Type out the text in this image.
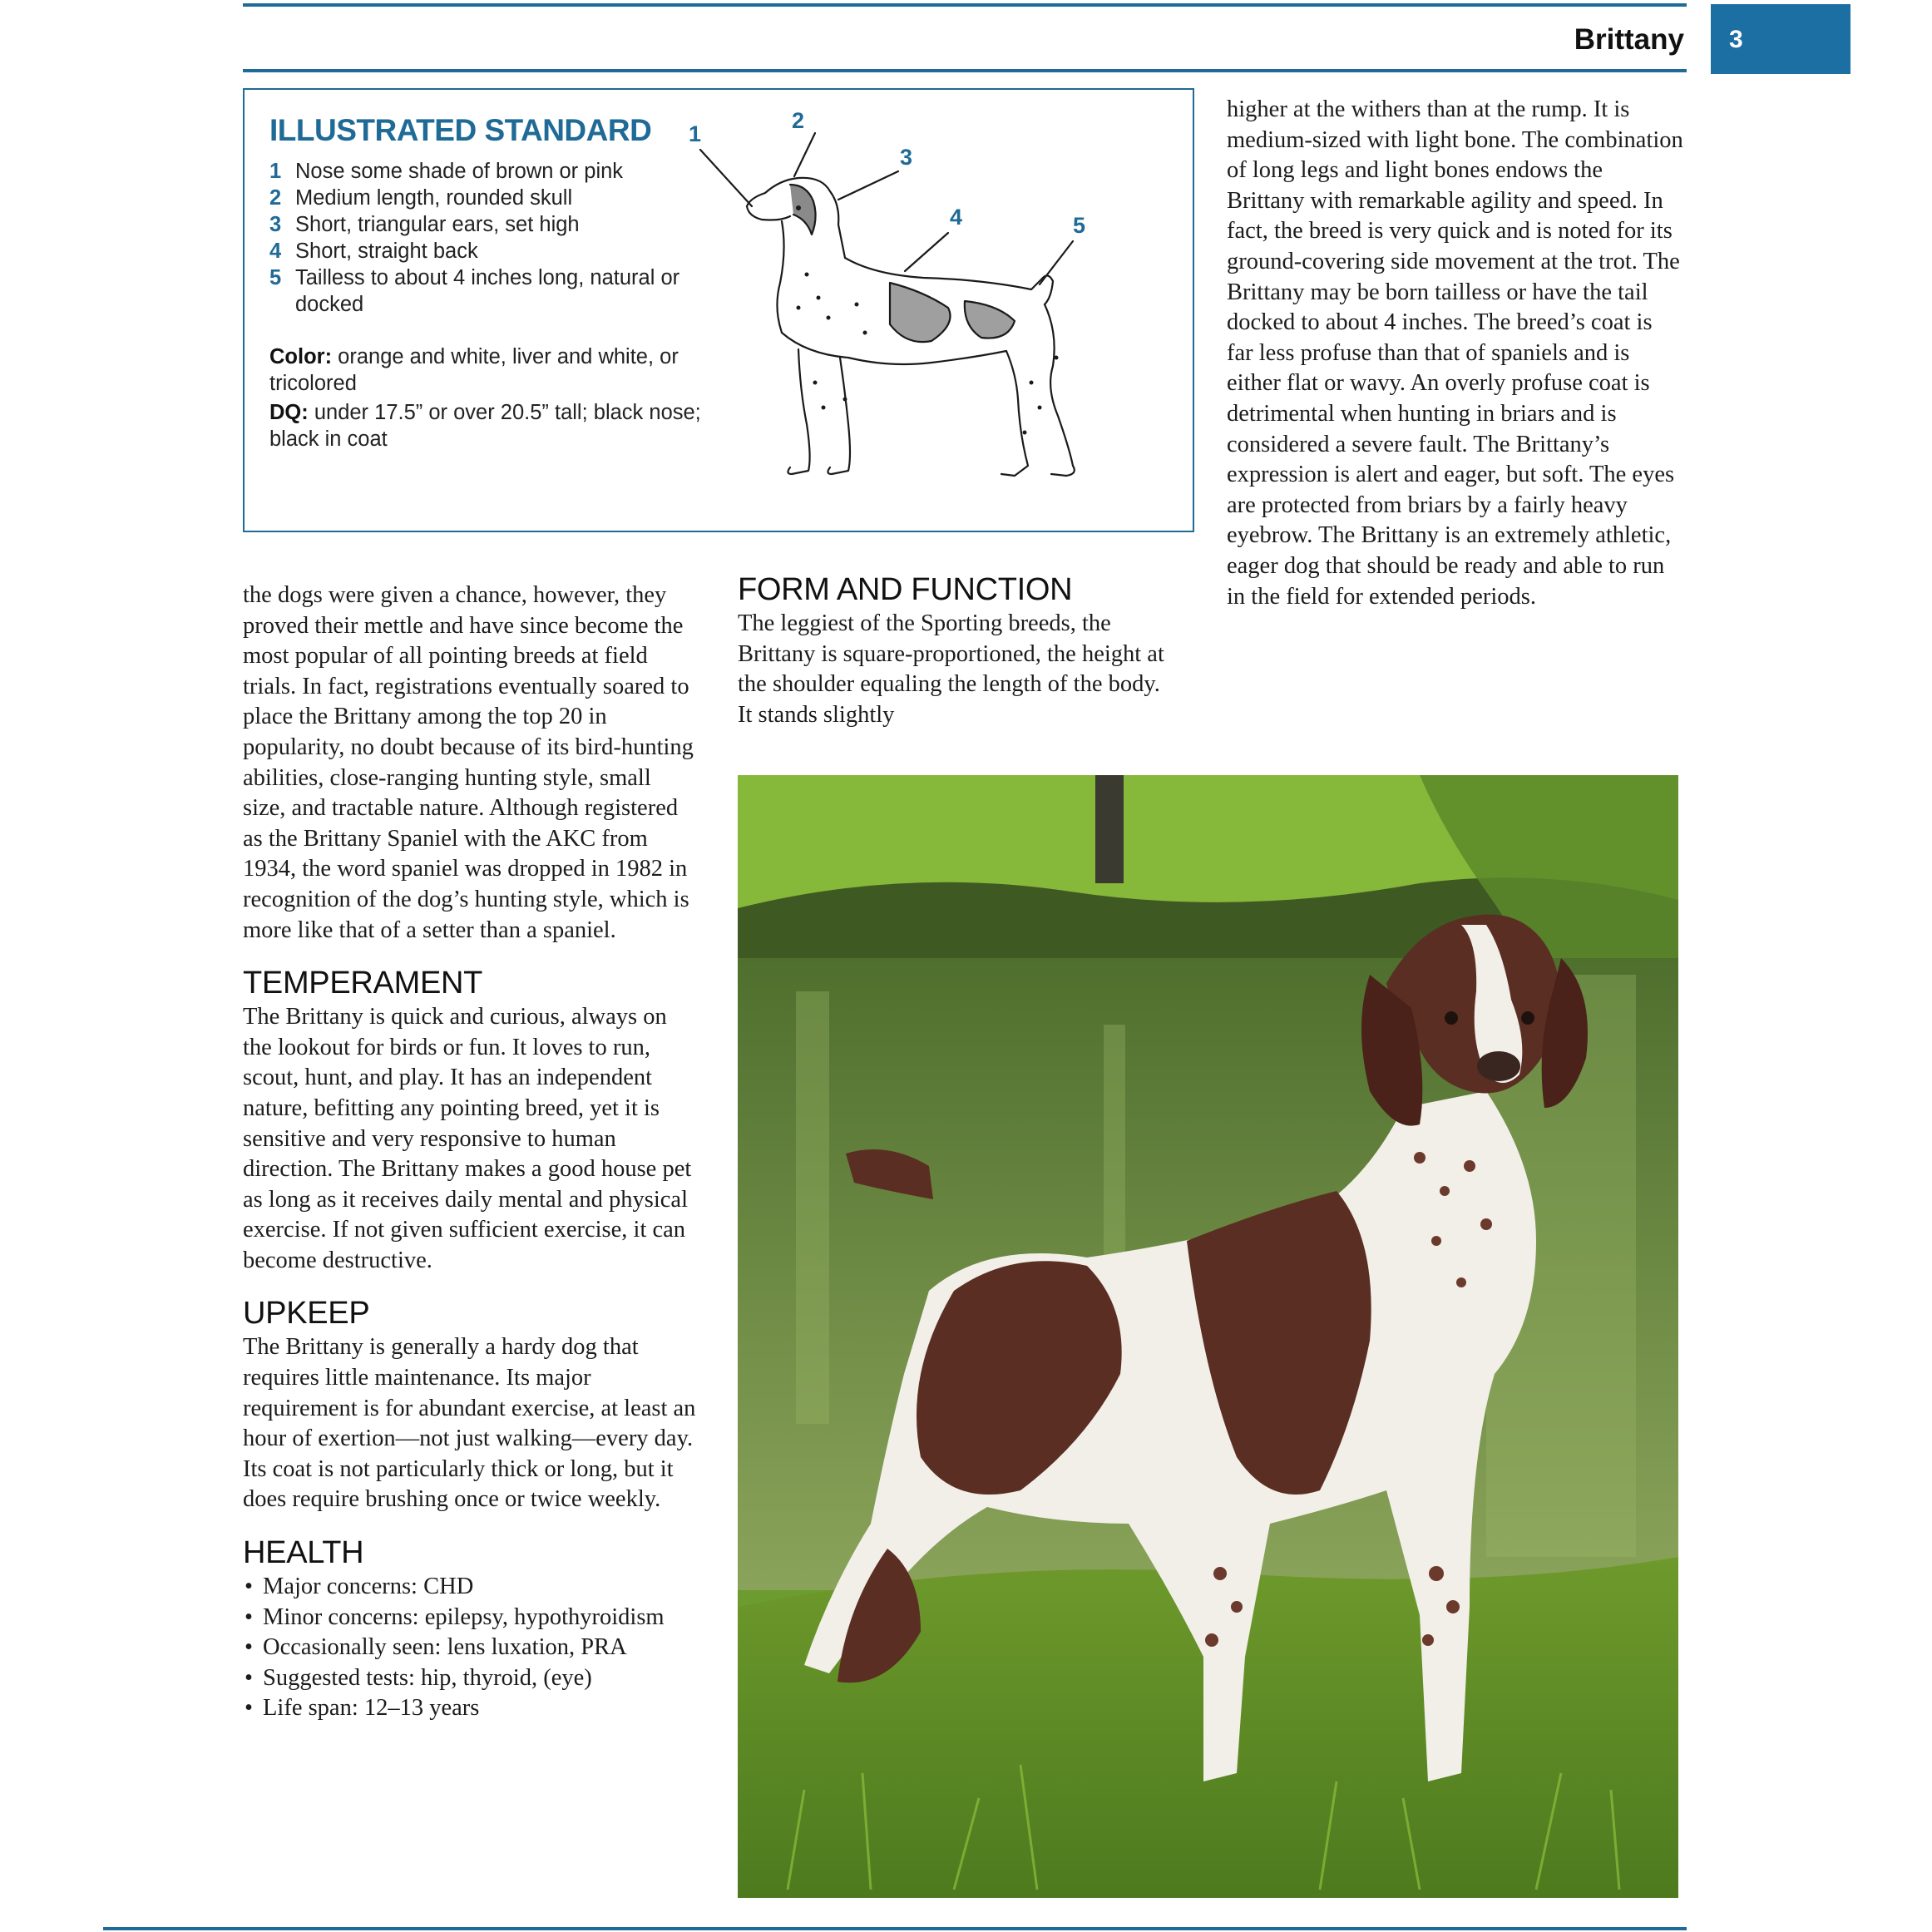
Brittany	3
ILLUSTRATED STANDARD
1 Nose some shade of brown or pink
2 Medium length, rounded skull
3 Short, triangular ears, set high
4 Short, straight back
5 Tailless to about 4 inches long, natural or docked
Color: orange and white, liver and white, or tricolored
DQ: under 17.5” or over 20.5” tall; black nose; black in coat
1
2
3
4	5

the dogs were given a chance, however, they proved their mettle and have since become the most popular of all pointing breeds at field trials. In fact, registrations eventually soared to place the Brittany among the top 20 in popularity, no doubt because of its bird-hunting abilities, close-ranging hunting style, small size, and tractable nature. Although registered as the Brittany Spaniel with the AKC from 1934, the word spaniel was dropped in 1982 in recognition of the dog’s hunting style, which is more like that of a setter than a spaniel.

TEMPERAMENT

The Brittany is quick and curious, always on the lookout for birds or fun. It loves to run, scout, hunt, and play. It has an independent nature, befitting any pointing breed, yet it is sensitive and very responsive to human direction. The Brittany makes a good house pet as long as it receives daily mental and physical exercise. If not given sufficient exercise, it can become destructive.

UPKEEP

The Brittany is generally a hardy dog that requires little maintenance. Its major requirement is for abundant exercise, at least an hour of exertion—not just walking—every day. Its coat is not particularly thick or long, but it does require brushing once or twice weekly.

HEALTH
• Major concerns: CHD
• Minor concerns: epilepsy, hypothyroidism
• Occasionally seen: lens luxation, PRA
• Suggested tests: hip, thyroid, (eye)
• Life span: 12–13 years
FORM AND FUNCTION

The leggiest of the Sporting breeds, the Brittany is square-proportioned, the height at the shoulder equaling the length of the body. It stands slightly

higher at the withers than at the rump. It is medium-sized with light bone. The combination of long legs and light bones endows the Brittany with remarkable agility and speed. In fact, the breed is very quick and is noted for its ground-covering side movement at the trot. The Brittany may be born tailless or have the tail docked to about 4 inches. The breed’s coat is far less profuse than that of spaniels and is either flat or wavy. An overly profuse coat is detrimental when hunting in briars and is considered a severe fault. The Brittany’s expression is alert and eager, but soft. The eyes are protected from briars by a fairly heavy eyebrow. The Brittany is an extremely athletic, eager dog that should be ready and able to run in the field for extended periods.
